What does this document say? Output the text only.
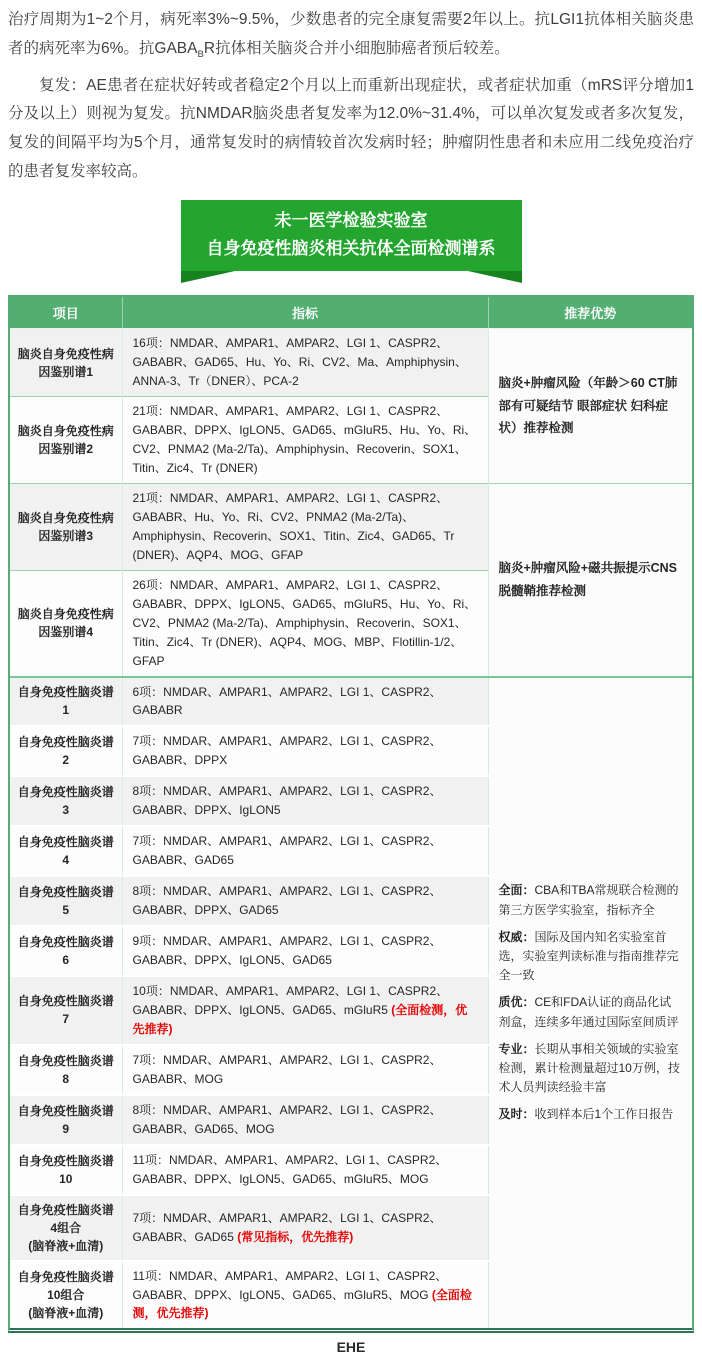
治疗周期为1~2个月，病死率3%~9.5%，少数患者的完全康复需要2年以上。抗LGI1抗体相关脑炎患者的病死率为6%。抗$GABA_BR$抗体相关脑炎合并小细胞肺癌者预后较差。

复发：AE患者在症状好转或者稳定2个月以上而重新出现症状，或者症状加重（mRS评分增加1分及以上）则视为复发。抗NMDAR脑炎患者复发率为12.0%~31.4%，可以单次复发或者多次复发，复发的间隔平均为5个月，通常复发时的病情较首次发病时轻；肿瘤阴性患者和未应用二线免疫治疗的患者复发率较高。

未一医学检验实验室
自身免疫性脑炎相关抗体全面检测谱系
项目	指标	推荐优势
脑炎自身免疫性病因鉴别谱1	16项：NMDAR、AMPAR1、AMPAR2、LGI 1、CASPR2、GABABR、GAD65、Hu、Yo、Ri、CV2、Ma、Amphiphysin、ANNA-3、Tr（DNER）、PCA-2	脑炎+肿瘤风险（年龄＞60 CT肺部有可疑结节 眼部症状 妇科症状）推荐检测
脑炎自身免疫性病因鉴别谱2	21项：NMDAR、AMPAR1、AMPAR2、LGI 1、CASPR2、GABABR、DPPX、IgLON5、GAD65、mGluR5、Hu、Yo、Ri、CV2、PNMA2 (Ma-2/Ta)、Amphiphysin、Recoverin、SOX1、Titin、Zic4、Tr (DNER)	
脑炎自身免疫性病因鉴别谱3	21项：NMDAR、AMPAR1、AMPAR2、LGI 1、CASPR2、GABABR、Hu、Yo、Ri、CV2、PNMA2 (Ma-2/Ta)、Amphiphysin、Recoverin、SOX1、Titin、Zic4、GAD65、Tr (DNER)、AQP4、MOG、GFAP	脑炎+肿瘤风险+磁共振提示CNS脱髓鞘推荐检测
脑炎自身免疫性病因鉴别谱4	26项：NMDAR、AMPAR1、AMPAR2、LGI 1、CASPR2、GABABR、DPPX、IgLON5、GAD65、mGluR5、Hu、Yo、Ri、CV2、PNMA2 (Ma-2/Ta)、Amphiphysin、Recoverin、SOX1、Titin、Zic4、Tr (DNER)、AQP4、MOG、MBP、Flotillin-1/2、GFAP	
自身免疫性脑炎谱1	6项：NMDAR、AMPAR1、AMPAR2、LGI 1、CASPR2、GABABR	全面：CBA和TBA常规联合检测的第三方医学实验室，指标齐全

权威：国际及国内知名实验室首选，实验室判读标准与指南推荐完全一致

质优：CE和FDA认证的商品化试剂盒，连续多年通过国际室间质评

专业：长期从事相关领域的实验室检测，累计检测量超过10万例，技术人员判读经验丰富

及时：收到样本后1个工作日报告

自身免疫性脑炎谱2	7项：NMDAR、AMPAR1、AMPAR2、LGI 1、CASPR2、GABABR、DPPX	
自身免疫性脑炎谱3	8项：NMDAR、AMPAR1、AMPAR2、LGI 1、CASPR2、GABABR、DPPX、IgLON5	
自身免疫性脑炎谱4	7项：NMDAR、AMPAR1、AMPAR2、LGI 1、CASPR2、GABABR、GAD65	
自身免疫性脑炎谱5	8项：NMDAR、AMPAR1、AMPAR2、LGI 1、CASPR2、GABABR、DPPX、GAD65	
自身免疫性脑炎谱6	9项：NMDAR、AMPAR1、AMPAR2、LGI 1、CASPR2、GABABR、DPPX、IgLON5、GAD65	
自身免疫性脑炎谱7	10项：NMDAR、AMPAR1、AMPAR2、LGI 1、CASPR2、GABABR、DPPX、IgLON5、GAD65、mGluR5 (全面检测，优先推荐)	
自身免疫性脑炎谱8	7项：NMDAR、AMPAR1、AMPAR2、LGI 1、CASPR2、GABABR、MOG	
自身免疫性脑炎谱9	8项：NMDAR、AMPAR1、AMPAR2、LGI 1、CASPR2、GABABR、GAD65、MOG	
自身免疫性脑炎谱10	11项：NMDAR、AMPAR1、AMPAR2、LGI 1、CASPR2、GABABR、DPPX、IgLON5、GAD65、mGluR5、MOG	
自身免疫性脑炎谱4组合
(脑脊液+血清)	7项：NMDAR、AMPAR1、AMPAR2、LGI 1、CASPR2、GABABR、GAD65 (常见指标，优先推荐)	
自身免疫性脑炎谱10组合
(脑脊液+血清)	11项：NMDAR、AMPAR1、AMPAR2、LGI 1、CASPR2、GABABR、DPPX、IgLON5、GAD65、mGluR5、MOG (全面检测，优先推荐)	
EHE
